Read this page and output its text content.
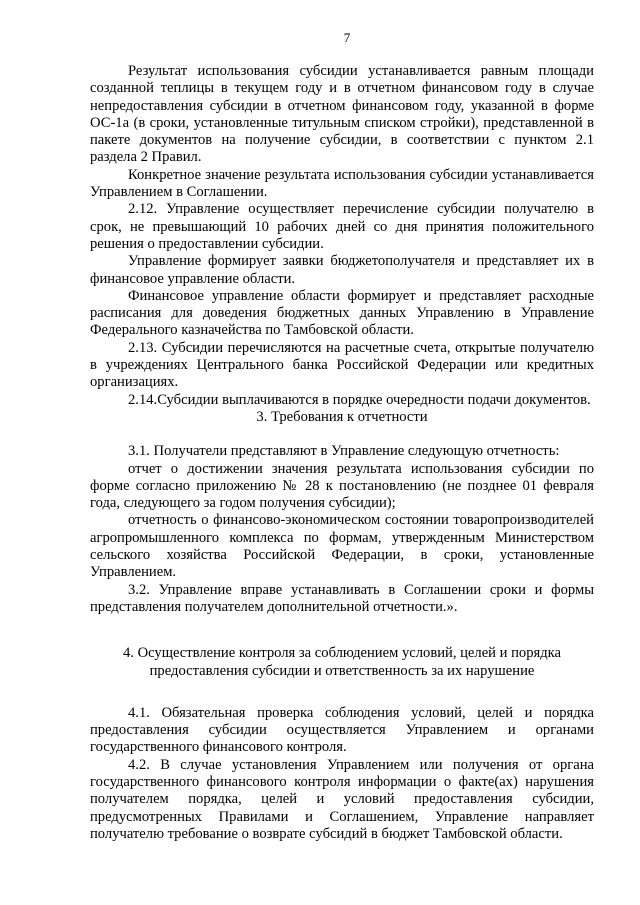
7

Результат использования субсидии устанавливается равным площади созданной теплицы в текущем году и в отчетном финансовом году в случае непредоставления субсидии в отчетном финансовом году, указанной в форме ОС-1а (в сроки, установленные титульным списком стройки), представленной в пакете документов на получение субсидии, в соответствии с пунктом 2.1 раздела 2 Правил.

Конкретное значение результата использования субсидии устанавливается Управлением в Соглашении.

2.12. Управление осуществляет перечисление субсидии получателю в срок, не превышающий 10 рабочих дней со дня принятия положительного решения о предоставлении субсидии.

Управление формирует заявки бюджетополучателя и представляет их в финансовое управление области.

Финансовое управление области формирует и представляет расходные расписания для доведения бюджетных данных Управлению в Управление Федерального казначейства по Тамбовской области.

2.13. Субсидии перечисляются на расчетные счета, открытые получателю в учреждениях Центрального банка Российской Федерации или кредитных организациях.

2.14.Субсидии выплачиваются в порядке очередности подачи документов.

3. Требования к отчетности

3.1. Получатели представляют в Управление следующую отчетность:

отчет о достижении значения результата использования субсидии по форме согласно приложению № 28 к постановлению (не позднее 01 февраля года, следующего за годом получения субсидии);

отчетность о финансово-экономическом состоянии товаропроизводителей агропромышленного комплекса по формам, утвержденным Министерством сельского хозяйства Российской Федерации, в сроки, установленные Управлением.

3.2. Управление вправе устанавливать в Соглашении сроки и формы представления получателем дополнительной отчетности.».

4. Осуществление контроля за соблюдением условий, целей и порядка

предоставления субсидии и ответственность за их нарушение

4.1. Обязательная проверка соблюдения условий, целей и порядка предоставления субсидии осуществляется Управлением и органами государственного финансового контроля.

4.2. В случае установления Управлением или получения от органа государственного финансового контроля информации о факте(ах) нарушения получателем порядка, целей и условий предоставления субсидии, предусмотренных Правилами и Соглашением, Управление направляет получателю требование о возврате субсидий в бюджет Тамбовской области.
